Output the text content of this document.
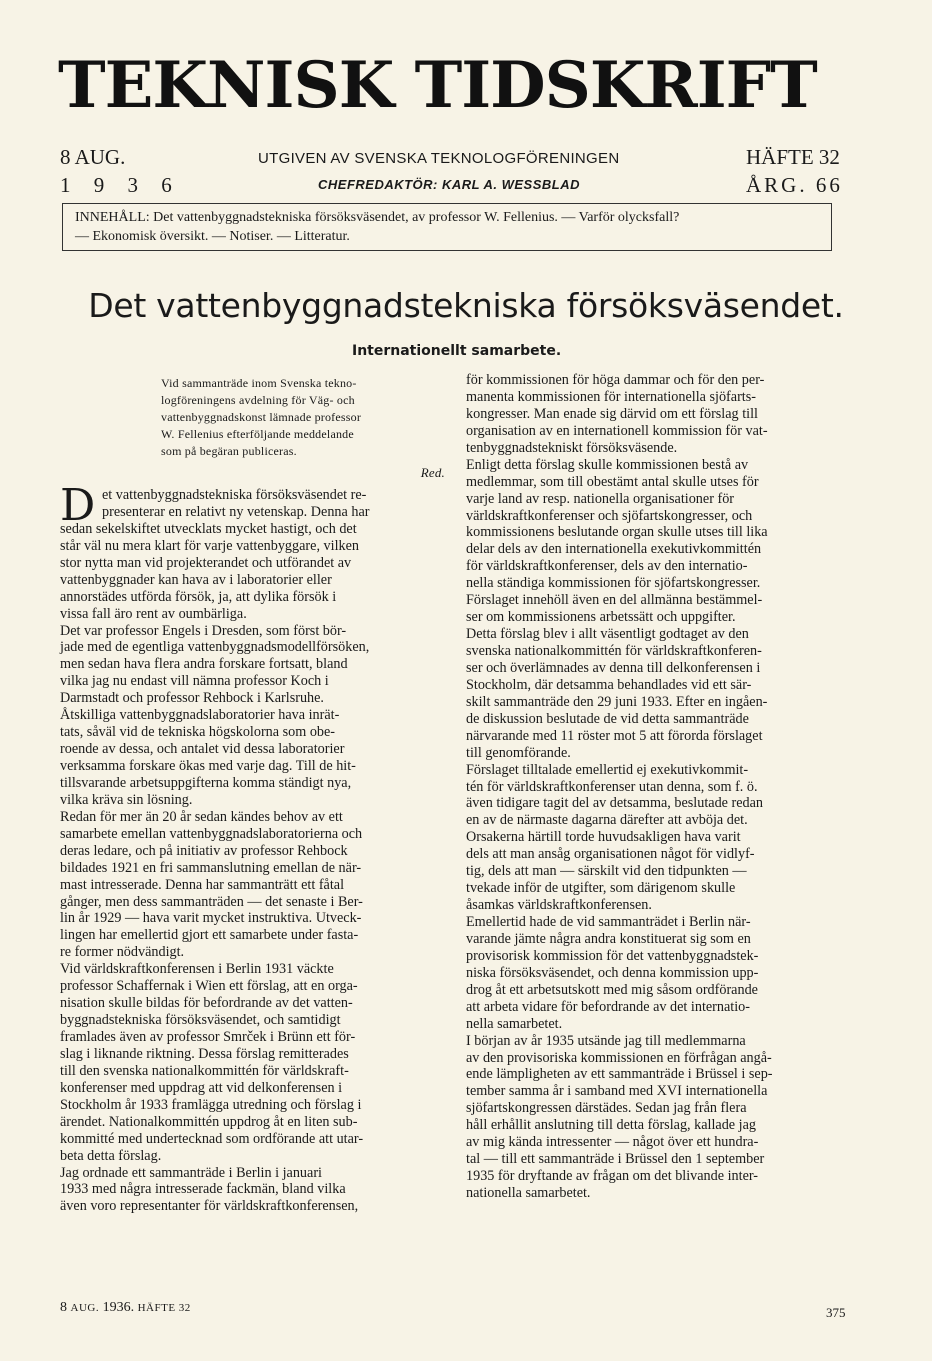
TEKNISK TIDSKRIFT
8 AUG.
1 9 3 6
UTGIVEN AV SVENSKA TEKNOLOGFÖRENINGEN
CHEFREDAKTÖR: KARL A. WESSBLAD
HÄFTE 32
ÅRG. 66
INNEHÅLL: Det vattenbyggnadstekniska försöksväsendet, av professor W. Fellenius. — Varför olycksfall?
— Ekonomisk översikt. — Notiser. — Litteratur.
Det vattenbyggnadstekniska försöksväsendet.
Internationellt samarbete.
Vid sammanträde inom Svenska tekno-
logföreningens avdelning för Väg- och
vattenbyggnadskonst lämnade professor
W. Fellenius efterföljande meddelande
som på begäran publiceras.
Red.
D et vattenbyggnadstekniska försöksväsendet re-
presenterar en relativt ny vetenskap. Denna har
sedan sekelskiftet utvecklats mycket hastigt, och det
står väl nu mera klart för varje vattenbyggare, vilken
stor nytta man vid projekterandet och utförandet av
vattenbyggnader kan hava av i laboratorier eller
annorstädes utförda försök, ja, att dylika försök i
vissa fall äro rent av oumbärliga.
Det var professor Engels i Dresden, som först bör-
jade med de egentliga vattenbyggnadsmodellförsöken,
men sedan hava flera andra forskare fortsatt, bland
vilka jag nu endast vill nämna professor Koch i
Darmstadt och professor Rehbock i Karlsruhe.
Åtskilliga vattenbyggnadslaboratorier hava inrät-
tats, såväl vid de tekniska högskolorna som obe-
roende av dessa, och antalet vid dessa laboratorier
verksamma forskare ökas med varje dag. Till de hit-
tillsvarande arbetsuppgifterna komma ständigt nya,
vilka kräva sin lösning.
Redan för mer än 20 år sedan kändes behov av ett
samarbete emellan vattenbyggnadslaboratorierna och
deras ledare, och på initiativ av professor Rehbock
bildades 1921 en fri sammanslutning emellan de när-
mast intresserade. Denna har sammanträtt ett fåtal
gånger, men dess sammanträden — det senaste i Ber-
lin år 1929 — hava varit mycket instruktiva. Utveck-
lingen har emellertid gjort ett samarbete under fasta-
re former nödvändigt.
Vid världskraftkonferensen i Berlin 1931 väckte
professor Schaffernak i Wien ett förslag, att en orga-
nisation skulle bildas för befordrande av det vatten-
byggnadstekniska försöksväsendet, och samtidigt
framlades även av professor Smrček i Brünn ett för-
slag i liknande riktning. Dessa förslag remitterades
till den svenska nationalkommittén för världskraft-
konferenser med uppdrag att vid delkonferensen i
Stockholm år 1933 framlägga utredning och förslag i
ärendet. Nationalkommittén uppdrog åt en liten sub-
kommitté med undertecknad som ordförande att utar-
beta detta förslag.
Jag ordnade ett sammanträde i Berlin i januari
1933 med några intresserade fackmän, bland vilka
även voro representanter för världskraftkonferensen,
för kommissionen för höga dammar och för den per-
manenta kommissionen för internationella sjöfarts-
kongresser. Man enade sig därvid om ett förslag till
organisation av en internationell kommission för vat-
tenbyggnadstekniskt försöksväsende.
Enligt detta förslag skulle kommissionen bestå av
medlemmar, som till obestämt antal skulle utses för
varje land av resp. nationella organisationer för
världskraftkonferenser och sjöfartskongresser, och
kommissionens beslutande organ skulle utses till lika
delar dels av den internationella exekutivkommittén
för världskraftkonferenser, dels av den internatio-
nella ständiga kommissionen för sjöfartskongresser.
Förslaget innehöll även en del allmänna bestämmel-
ser om kommissionens arbetssätt och uppgifter.
Detta förslag blev i allt väsentligt godtaget av den
svenska nationalkommittén för världskraftkonferen-
ser och överlämnades av denna till delkonferensen i
Stockholm, där detsamma behandlades vid ett sär-
skilt sammanträde den 29 juni 1933. Efter en ingåen-
de diskussion beslutade de vid detta sammanträde
närvarande med 11 röster mot 5 att förorda förslaget
till genomförande.
Förslaget tilltalade emellertid ej exekutivkommit-
tén för världskraftkonferenser utan denna, som f. ö.
även tidigare tagit del av detsamma, beslutade redan
en av de närmaste dagarna därefter att avböja det.
Orsakerna härtill torde huvudsakligen hava varit
dels att man ansåg organisationen något för vidlyf-
tig, dels att man — särskilt vid den tidpunkten —
tvekade inför de utgifter, som därigenom skulle
åsamkas världskraftkonferensen.
Emellertid hade de vid sammanträdet i Berlin när-
varande jämte några andra konstituerat sig som en
provisorisk kommission för det vattenbyggnadstek-
niska försöksväsendet, och denna kommission upp-
drog åt ett arbetsutskott med mig såsom ordförande
att arbeta vidare för befordrande av det internatio-
nella samarbetet.
I början av år 1935 utsände jag till medlemmarna
av den provisoriska kommissionen en förfrågan angå-
ende lämpligheten av ett sammanträde i Brüssel i sep-
tember samma år i samband med XVI internationella
sjöfartskongressen därstädes. Sedan jag från flera
håll erhållit anslutning till detta förslag, kallade jag
av mig kända intressenter — något över ett hundra-
tal — till ett sammanträde i Brüssel den 1 september
1935 för dryftande av frågan om det blivande inter-
nationella samarbetet.
8 AUG. 1936. HÄFTE 32	375
